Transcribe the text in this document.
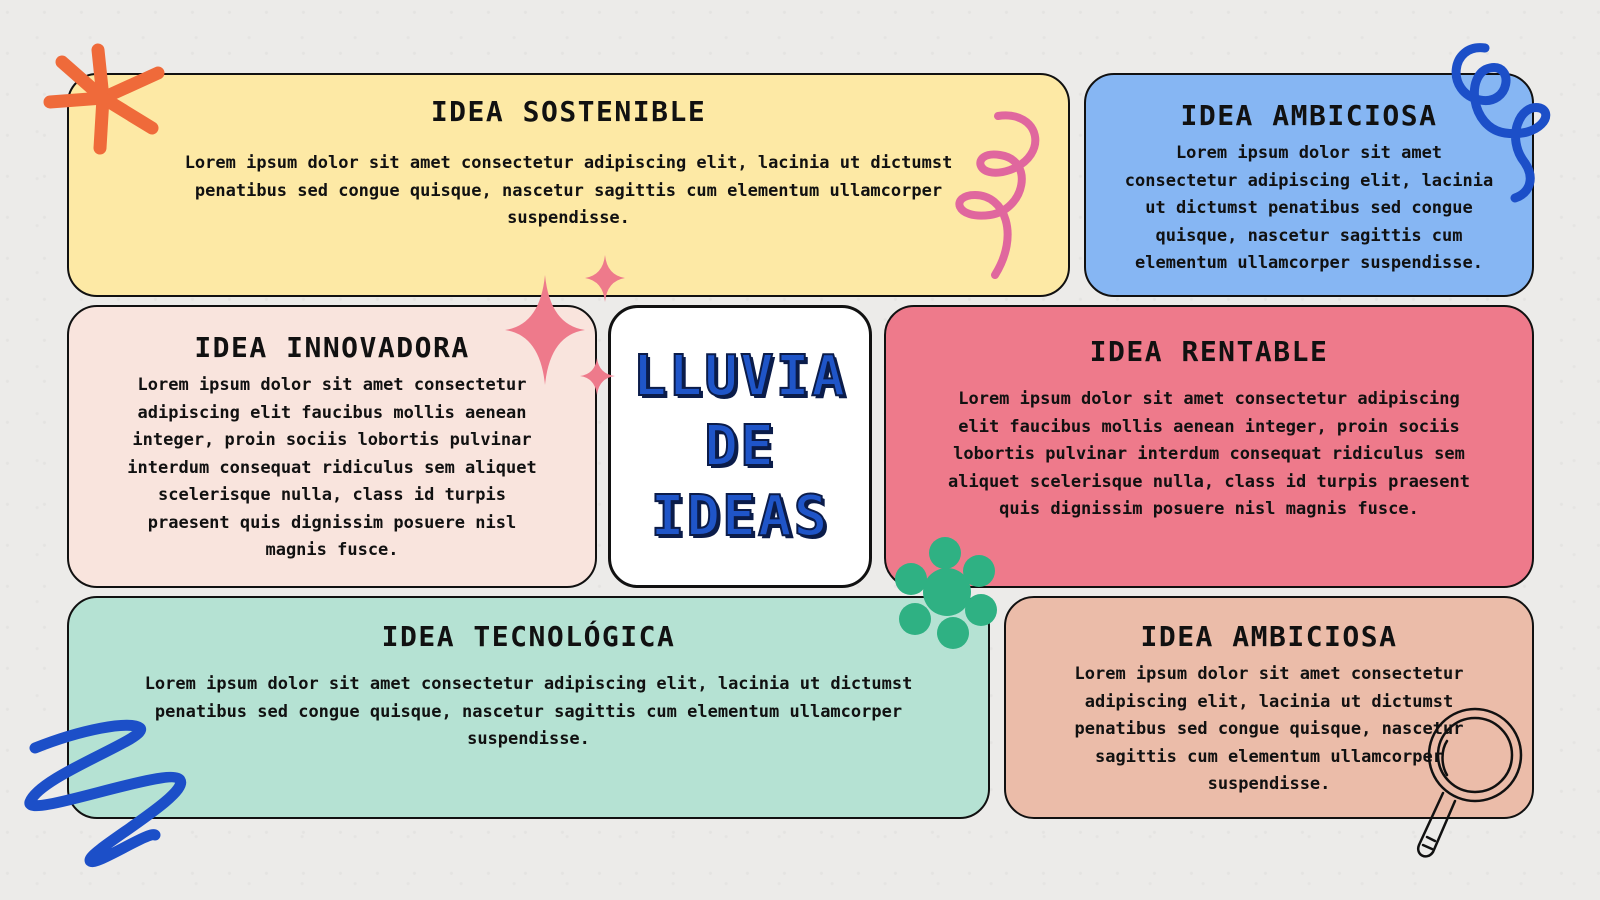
IDEA SOSTENIBLE

Lorem ipsum dolor sit amet consectetur adipiscing elit, lacinia ut dictumst penatibus sed congue quisque, nascetur sagittis cum elementum ullamcorper suspendisse.

IDEA AMBICIOSA

Lorem ipsum dolor sit amet consectetur adipiscing elit, lacinia ut dictumst penatibus sed congue quisque, nascetur sagittis cum elementum ullamcorper suspendisse.

IDEA INNOVADORA

Lorem ipsum dolor sit amet consectetur adipiscing elit faucibus mollis aenean integer, proin sociis lobortis pulvinar interdum consequat ridiculus sem aliquet scelerisque nulla, class id turpis praesent quis dignissim posuere nisl magnis fusce.

LLUVIA
DE
IDEAS
IDEA RENTABLE

Lorem ipsum dolor sit amet consectetur adipiscing elit faucibus mollis aenean integer, proin sociis lobortis pulvinar interdum consequat ridiculus sem aliquet scelerisque nulla, class id turpis praesent quis dignissim posuere nisl magnis fusce.

IDEA TECNOLÓGICA

Lorem ipsum dolor sit amet consectetur adipiscing elit, lacinia ut dictumst penatibus sed congue quisque, nascetur sagittis cum elementum ullamcorper suspendisse.

IDEA AMBICIOSA

Lorem ipsum dolor sit amet consectetur adipiscing elit, lacinia ut dictumst penatibus sed congue quisque, nascetur sagittis cum elementum ullamcorper suspendisse.
